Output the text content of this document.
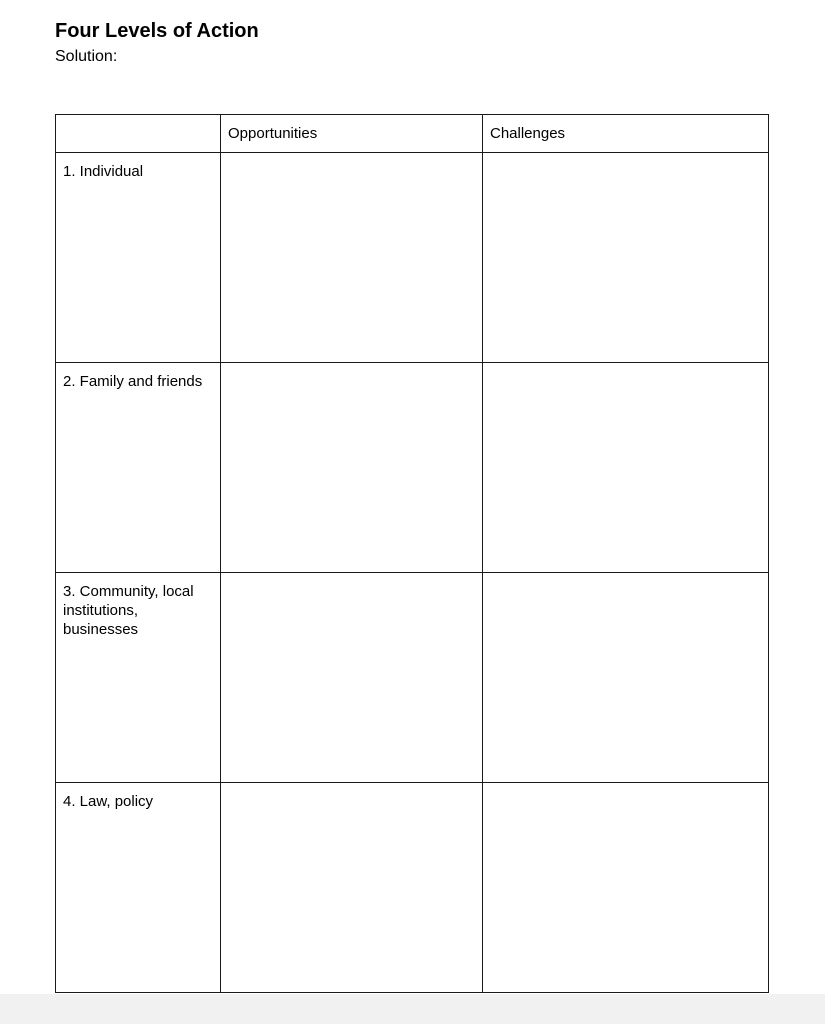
Four Levels of Action

Solution:

	Opportunities	Challenges
1. Individual		
2. Family and friends		
3. Community, local institutions, businesses		
4. Law, policy		
